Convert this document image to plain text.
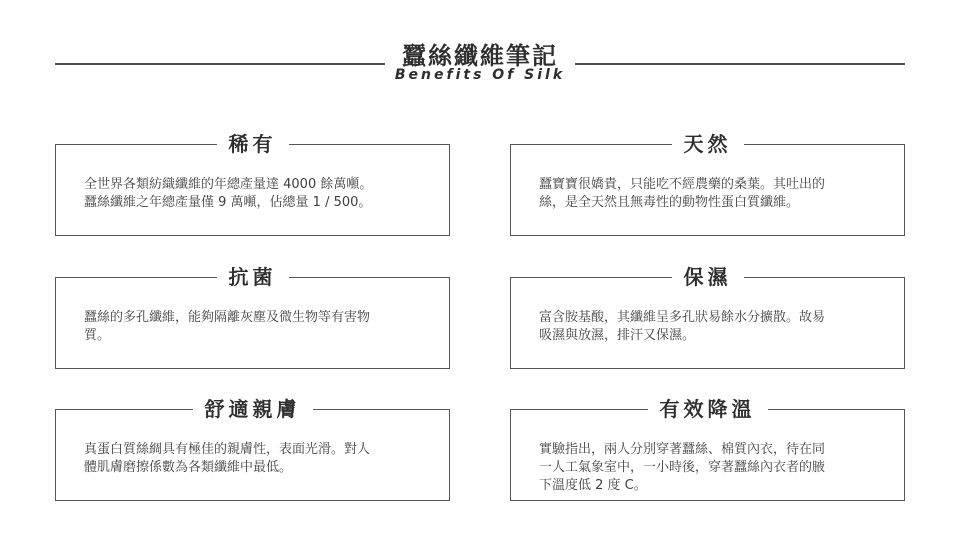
蠶絲纖維筆記
Benefits Of Silk
稀有
全世界各類紡織纖維的年總產量達 4000 餘萬噸。
蠶絲纖維之年總產量僅 9 萬噸，佔總量 1 / 500。
天然
蠶寶寶很嬌貴，只能吃不經農藥的桑葉。其吐出的
絲，是全天然且無毒性的動物性蛋白質纖維。
抗菌
蠶絲的多孔纖維，能夠隔離灰塵及微生物等有害物
質。
保濕
富含胺基酸，其纖維呈多孔狀易餘水分擴散。故易
吸濕與放濕，排汗又保濕。
舒適親膚
真蛋白質絲綢具有極佳的親膚性，表面光滑。對人
體肌膚磨擦係數為各類纖維中最低。
有效降溫
實驗指出，兩人分別穿著蠶絲、棉質內衣，待在同
一人工氣象室中，一小時後，穿著蠶絲內衣者的腋
下溫度低 2 度 C。
